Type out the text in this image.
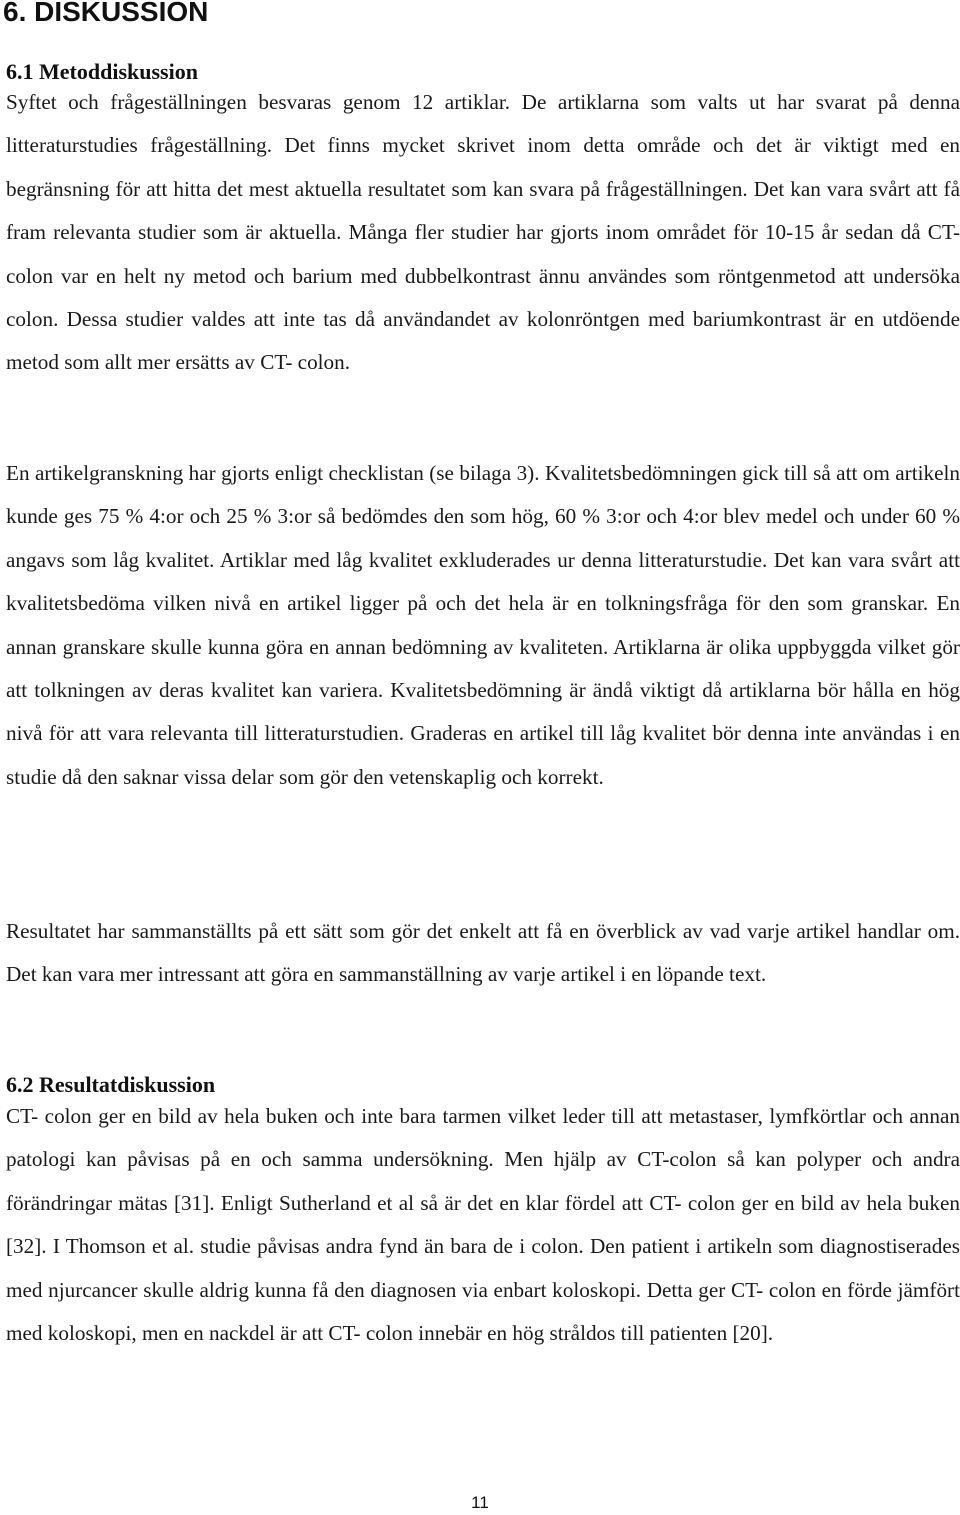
6. DISKUSSION
6.1 Metoddiskussion

Syftet och frågeställningen besvaras genom 12 artiklar. De artiklarna som valts ut har svarat på denna litteraturstudies frågeställning. Det finns mycket skrivet inom detta område och det är viktigt med en begränsning för att hitta det mest aktuella resultatet som kan svara på frågeställningen. Det kan vara svårt att få fram relevanta studier som är aktuella. Många fler studier har gjorts inom området för 10-15 år sedan då CT- colon var en helt ny metod och barium med dubbelkontrast ännu användes som röntgenmetod att undersöka colon. Dessa studier valdes att inte tas då användandet av kolonröntgen med bariumkontrast är en utdöende metod som allt mer ersätts av CT- colon.

En artikelgranskning har gjorts enligt checklistan (se bilaga 3). Kvalitetsbedömningen gick till så att om artikeln kunde ges 75 % 4:or och 25 % 3:or så bedömdes den som hög, 60 % 3:or och 4:or blev medel och under 60 % angavs som låg kvalitet. Artiklar med låg kvalitet exkluderades ur denna litteraturstudie. Det kan vara svårt att kvalitetsbedöma vilken nivå en artikel ligger på och det hela är en tolkningsfråga för den som granskar. En annan granskare skulle kunna göra en annan bedömning av kvaliteten. Artiklarna är olika uppbyggda vilket gör att tolkningen av deras kvalitet kan variera. Kvalitetsbedömning är ändå viktigt då artiklarna bör hålla en hög nivå för att vara relevanta till litteraturstudien. Graderas en artikel till låg kvalitet bör denna inte användas i en studie då den saknar vissa delar som gör den vetenskaplig och korrekt.

Resultatet har sammanställts på ett sätt som gör det enkelt att få en överblick av vad varje artikel handlar om. Det kan vara mer intressant att göra en sammanställning av varje artikel i en löpande text.

6.2 Resultatdiskussion

CT- colon ger en bild av hela buken och inte bara tarmen vilket leder till att metastaser, lymfkörtlar och annan patologi kan påvisas på en och samma undersökning. Men hjälp av CT-colon så kan polyper och andra förändringar mätas [31]. Enligt Sutherland et al så är det en klar fördel att CT- colon ger en bild av hela buken [32]. I Thomson et al. studie påvisas andra fynd än bara de i colon. Den patient i artikeln som diagnostiserades med njurcancer skulle aldrig kunna få den diagnosen via enbart koloskopi. Detta ger CT- colon en förde jämfört med koloskopi, men en nackdel är att CT- colon innebär en hög stråldos till patienten [20].

11
